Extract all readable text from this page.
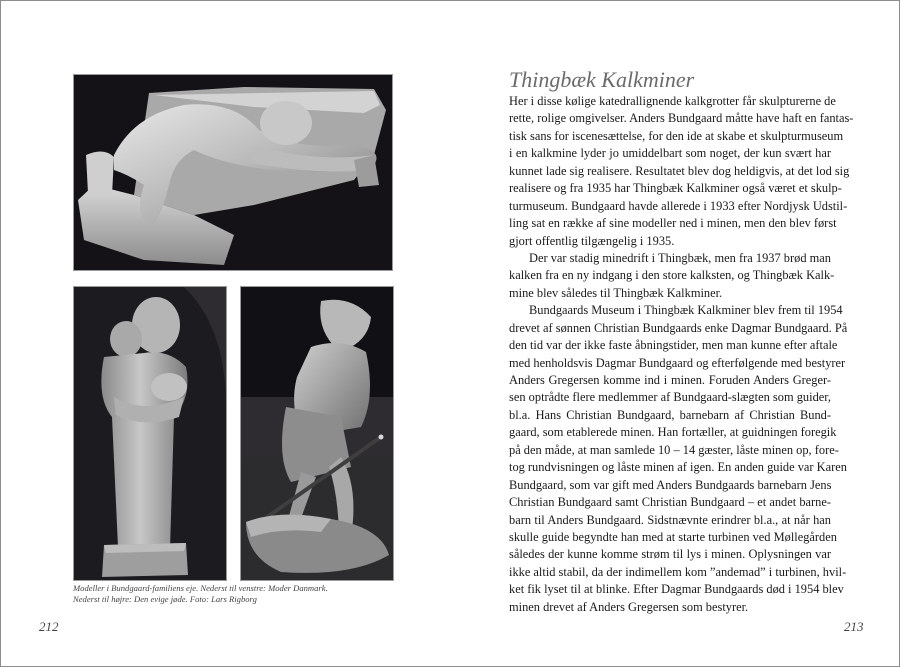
Modeller i Bundgaard-familiens eje. Nederst til venstre: Moder Danmark.
Nederst til højre: Den evige jøde. Foto: Lars Rigborg
212
Thingbæk Kalkminer
Her i disse kølige katedrallignende kalkgrotter får skulpturerne de
rette, rolige omgivelser. Anders Bundgaard måtte have haft en fantas-
tisk sans for iscenesættelse, for den ide at skabe et skulpturmuseum
i en kalkmine lyder jo umiddelbart som noget, der kun svært har
kunnet lade sig realisere. Resultatet blev dog heldigvis, at det lod sig
realisere og fra 1935 har Thingbæk Kalkminer også været et skulp-
turmuseum. Bundgaard havde allerede i 1933 efter Nordjysk Udstil-
ling sat en række af sine modeller ned i minen, men den blev først
gjort offentlig tilgængelig i 1935.
Der var stadig minedrift i Thingbæk, men fra 1937 brød man
kalken fra en ny indgang i den store kalksten, og Thingbæk Kalk-
mine blev således til Thingbæk Kalkminer.
Bundgaards Museum i Thingbæk Kalkminer blev frem til 1954
drevet af sønnen Christian Bundgaards enke Dagmar Bundgaard. På
den tid var der ikke faste åbningstider, men man kunne efter aftale
med henholdsvis Dagmar Bundgaard og efterfølgende med bestyrer
Anders Gregersen komme ind i minen. Foruden Anders Greger-
sen optrådte flere medlemmer af Bundgaard-slægten som guider,
bl.a. Hans Christian Bundgaard, barnebarn af Christian Bund-
gaard, som etablerede minen. Han fortæller, at guidningen foregik
på den måde, at man samlede 10 – 14 gæster, låste minen op, fore-
tog rundvisningen og låste minen af igen. En anden guide var Karen
Bundgaard, som var gift med Anders Bundgaards barnebarn Jens
Christian Bundgaard samt Christian Bundgaard – et andet barne-
barn til Anders Bundgaard. Sidstnævnte erindrer bl.a., at når han
skulle guide begyndte han med at starte turbinen ved Møllegården
således der kunne komme strøm til lys i minen. Oplysningen var
ikke altid stabil, da der indimellem kom ”andemad” i turbinen, hvil-
ket fik lyset til at blinke. Efter Dagmar Bundgaards død i 1954 blev
minen drevet af Anders Gregersen som bestyrer.
213
